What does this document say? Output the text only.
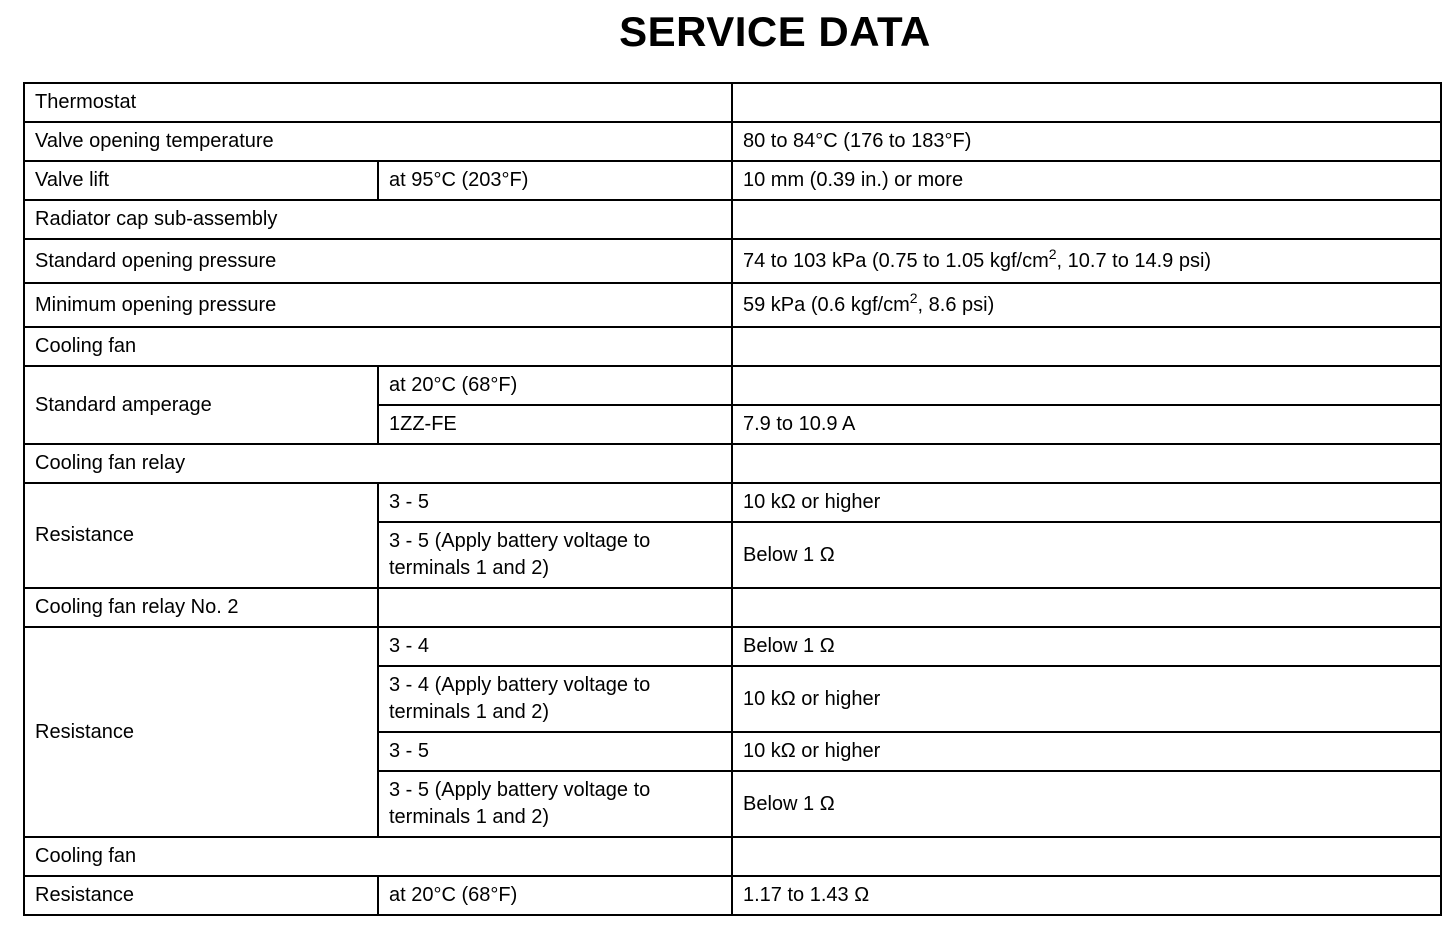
SERVICE DATA
Thermostat		
Valve opening temperature		80 to 84°C (176 to 183°F)
Valve lift	at 95°C (203°F)	10 mm (0.39 in.) or more
Radiator cap sub-assembly		
Standard opening pressure		74 to 103 kPa (0.75 to 1.05 kgf/$cm^2$, 10.7 to 14.9 psi)
Minimum opening pressure		59 kPa (0.6 kgf/$cm^2$, 8.6 psi)
Cooling fan		
Standard amperage	at 20°C (68°F)	
	1ZZ-FE	7.9 to 10.9 A
Cooling fan relay		
Resistance	3 - 5	10 kΩ or higher
	3 - 5 (Apply battery voltage to terminals 1 and 2)	Below 1 Ω
Cooling fan relay No. 2		
Resistance	3 - 4	Below 1 Ω
	3 - 4 (Apply battery voltage to terminals 1 and 2)	10 kΩ or higher
	3 - 5	10 kΩ or higher
	3 - 5 (Apply battery voltage to terminals 1 and 2)	Below 1 Ω
Cooling fan		
Resistance	at 20°C (68°F)	1.17 to 1.43 Ω
